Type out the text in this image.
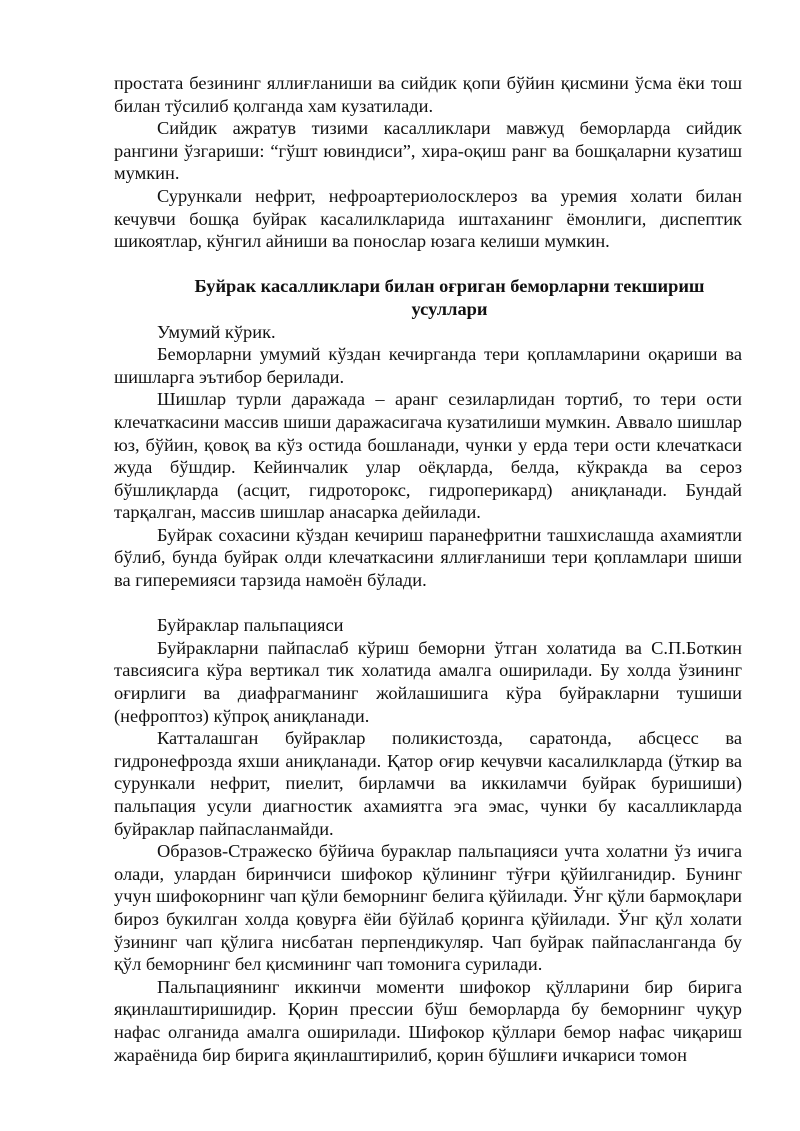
простата безининг яллиғланиши ва сийдик қопи бўйин қисмини ўсма ёки тош билан тўсилиб қолганда хам кузатилади.

Сийдик ажратув тизими касалликлари мавжуд беморларда сийдик рангини ўзгариши: “гўшт ювиндиси”, хира-оқиш ранг ва бошқаларни кузатиш мумкин.

Сурункали нефрит, нефроартериолосклероз ва уремия холати билан кечувчи бошқа буйрак касалилкларида иштаханинг ёмонлиги, диспептик шикоятлар, кўнгил айниши ва поноcлар юзага келиши мумкин.

Буйрак касалликлари билан оғриган беморларни текшириш усуллари

Умумий кўрик.

Беморларни умумий кўздан кечирганда тери қопламларини оқариши ва шишларга эътибор берилади.

Шишлар турли даражада – аранг сезиларлидан тортиб, то тери ости клечаткасини массив шиши даражасигача кузатилиши мумкин. Аввало шишлар юз, бўйин, қовоқ ва кўз остида бошланади, чунки у ерда тери ости клечаткаси жуда бўшдир. Кейинчалик улар оёқларда, белда, кўкракда ва сероз бўшлиқларда (асцит, гидроторокс, гидроперикард) аниқланади. Бундай тарқалган, массив шишлар анасарка дейилади.

Буйрак сохасини кўздан кечириш паранефритни ташхислашда ахамиятли бўлиб, бунда буйрак олди клечаткасини яллиғланиши тери қопламлари шиши ва гиперемияси тарзида намоён бўлади.

Буйраклар пальпацияси

Буйракларни пайпаслаб кўриш беморни ўтган холатида ва С.П.Боткин тавсиясига кўра вертикал тик холатида амалга оширилади. Бу холда ўзининг оғирлиги ва диафрагманинг жойлашишига кўра буйракларни тушиши (нефроптоз) кўпроқ аниқланади.

Катталашган буйраклар поликистозда, саратонда, абсцесс ва гидронефрозда яхши аниқланади. Қатор оғир кечувчи касалилкларда (ўткир ва сурункали нефрит, пиелит, бирламчи ва иккиламчи буйрак буришиши) пальпация усули диагностик ахамиятга эга эмас, чунки бу касалликларда буйраклар пайпасланмайди.

Образов-Стражеско бўйича бураклар пальпацияси учта холатни ўз ичига олади, улардан биринчиси шифокор қўлининг тўғри қўйилганидир. Бунинг учун шифокорнинг чап қўли беморнинг белига қўйилади. Ўнг қўли бармоқлари бироз букилган холда қовурға ёйи бўйлаб қоринга қўйилади. Ўнг қўл холати ўзининг чап қўлига нисбатан перпендикуляр. Чап буйрак пайпасланганда бу қўл беморнинг бел қисмининг чап томонига сурилади.

Пальпациянинг иккинчи моменти шифокор қўлларини бир бирига яқинлаштиришидир. Қорин прессии бўш беморларда бу беморнинг чуқур нафас олганида амалга оширилади. Шифокор қўллари бемор нафас чиқариш жараёнида бир бирига яқинлаштирилиб, қорин бўшлиғи ичкариси томон
